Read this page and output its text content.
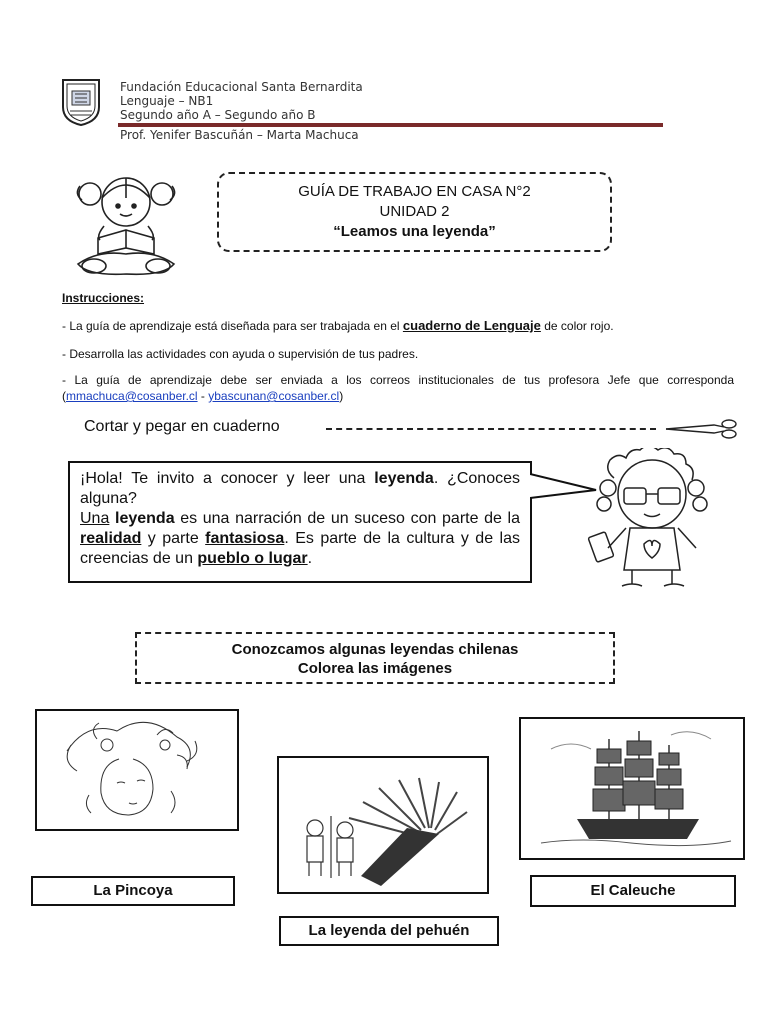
Fundación Educacional Santa Bernardita
Lenguaje – NB1
Segundo año A – Segundo año B
Prof. Yenifer Bascuñán – Marta Machuca
GUÍA DE TRABAJO EN CASA N°2
UNIDAD 2
“Leamos una leyenda”
Instrucciones:
- La guía de aprendizaje está diseñada para ser trabajada en el cuaderno de Lenguaje de color rojo.
- Desarrolla las actividades con ayuda o supervisión de tus padres.
- La guía de aprendizaje debe ser enviada a los correos institucionales de tus profesora Jefe que corresponda (mmachuca@cosanber.cl - ybascunan@cosanber.cl)
Cortar y pegar en cuaderno
¡Hola! Te invito a conocer y leer una leyenda. ¿Conoces alguna?
Una leyenda es una narración de un suceso con parte de la realidad y parte fantasiosa. Es parte de la cultura y de las creencias de un pueblo o lugar.
Conozcamos algunas leyendas chilenas
Colorea las imágenes
La Pincoya
La leyenda del pehuén
El Caleuche
